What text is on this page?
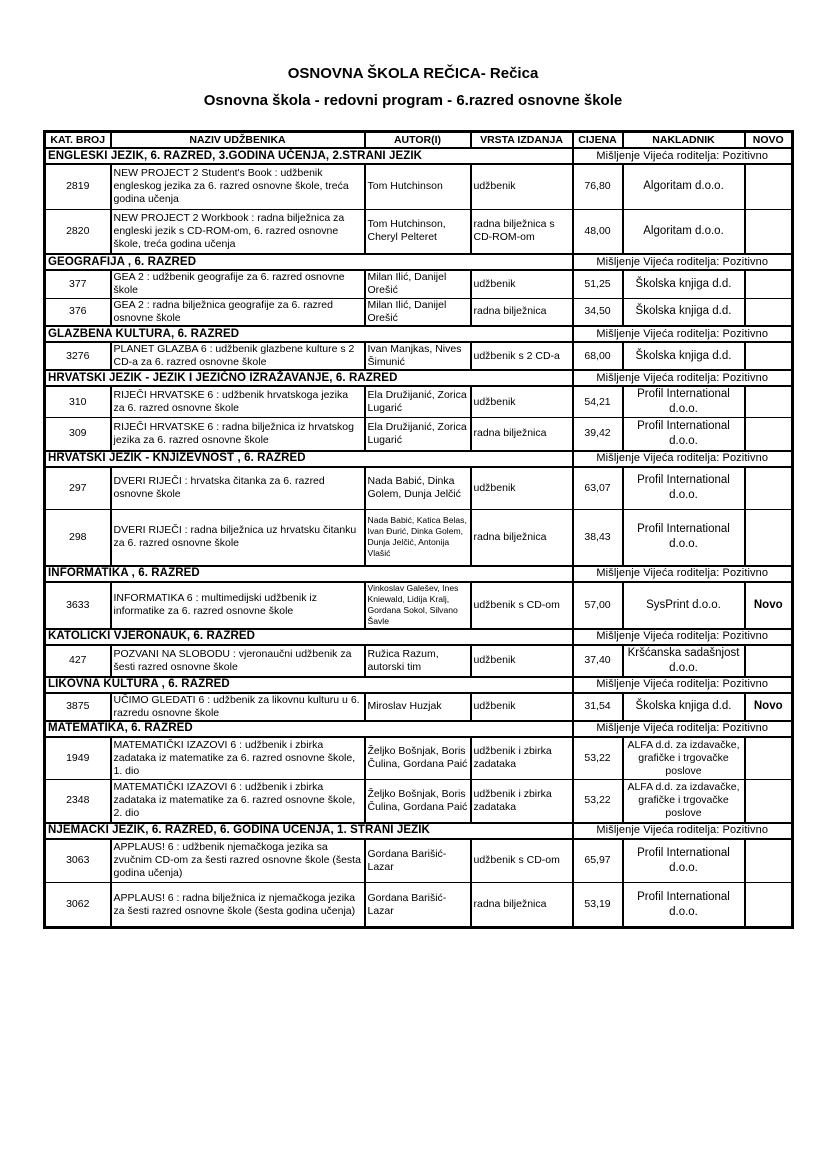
OSNOVNA ŠKOLA REČICA- Rečica
Osnovna škola - redovni program - 6.razred osnovne škole
KAT. BROJ	NAZIV UDŽBENIKA	AUTOR(I)	VRSTA IZDANJA	CIJENA	NAKLADNIK	NOVO
ENGLESKI JEZIK, 6. RAZRED, 3.GODINA UČENJA, 2.STRANI JEZIK				Mišljenje Vijeća roditelja: Pozitivno		
2819	NEW PROJECT 2 Student's Book : udžbenik engleskog jezika za 6. razred osnovne škole, treća godina učenja	Tom Hutchinson	udžbenik	76,80	Algoritam d.o.o.	
2820	NEW PROJECT 2 Workbook : radna bilježnica za engleski jezik s CD-ROM-om, 6. razred osnovne škole, treća godina učenja	Tom Hutchinson, Cheryl Pelteret	radna bilježnica s CD-ROM-om	48,00	Algoritam d.o.o.	
GEOGRAFIJA , 6. RAZRED				Mišljenje Vijeća roditelja: Pozitivno		
377	GEA 2 : udžbenik geografije za 6. razred osnovne škole	Milan Ilić, Danijel Orešić	udžbenik	51,25	Školska knjiga d.d.	
376	GEA 2 : radna bilježnica geografije za 6. razred osnovne škole	Milan Ilić, Danijel Orešić	radna bilježnica	34,50	Školska knjiga d.d.	
GLAZBENA KULTURA, 6. RAZRED				Mišljenje Vijeća roditelja: Pozitivno		
3276	PLANET GLAZBA 6 : udžbenik glazbene kulture s 2 CD-a za 6. razred osnovne škole	Ivan Manjkas, Nives Šimunić	udžbenik s 2 CD-a	68,00	Školska knjiga d.d.	
HRVATSKI JEZIK - JEZIK I JEZIČNO IZRAŽAVANJE, 6. RAZRED				Mišljenje Vijeća roditelja: Pozitivno		
310	RIJEČI HRVATSKE 6 : udžbenik hrvatskoga jezika za 6. razred osnovne škole	Ela Družijanić, Zorica Lugarić	udžbenik	54,21	Profil International d.o.o.	
309	RIJEČI HRVATSKE 6 : radna bilježnica iz hrvatskog jezika za 6. razred osnovne škole	Ela Družijanić, Zorica Lugarić	radna bilježnica	39,42	Profil International d.o.o.	
HRVATSKI JEZIK - KNJIŽEVNOST , 6. RAZRED				Mišljenje Vijeća roditelja: Pozitivno		
297	DVERI RIJEČI : hrvatska čitanka za 6. razred osnovne škole	Nada Babić, Dinka Golem, Dunja Jelčić	udžbenik	63,07	Profil International d.o.o.	
298	DVERI RIJEČI : radna bilježnica uz hrvatsku čitanku za 6. razred osnovne škole	Nada Babić, Katica Belas, Ivan Đurić, Dinka Golem, Dunja Jelčić, Antonija Vlašić	radna bilježnica	38,43	Profil International d.o.o.	
INFORMATIKA , 6. RAZRED				Mišljenje Vijeća roditelja: Pozitivno		
3633	INFORMATIKA 6 : multimedijski udžbenik iz informatike za 6. razred osnovne škole	Vinkoslav Galešev, Ines Kniewald, Lidija Kralj, Gordana Sokol, Silvano Šavle	udžbenik s CD-om	57,00	SysPrint d.o.o.	Novo
KATOLIČKI VJERONAUK, 6. RAZRED				Mišljenje Vijeća roditelja: Pozitivno		
427	POZVANI NA SLOBODU : vjeronaučni udžbenik za šesti razred osnovne škole	Ružica Razum, autorski tim	udžbenik	37,40	Kršćanska sadašnjost d.o.o.	
LIKOVNA KULTURA , 6. RAZRED				Mišljenje Vijeća roditelja: Pozitivno		
3875	UČIMO GLEDATI 6 : udžbenik za likovnu kulturu u 6. razredu osnovne škole	Miroslav Huzjak	udžbenik	31,54	Školska knjiga d.d.	Novo
MATEMATIKA, 6. RAZRED				Mišljenje Vijeća roditelja: Pozitivno		
1949	MATEMATIČKI IZAZOVI 6 : udžbenik i zbirka zadataka iz matematike za 6. razred osnovne škole, 1. dio	Željko Bošnjak, Boris Čulina, Gordana Paić	udžbenik i zbirka zadataka	53,22	ALFA d.d. za izdavačke, grafičke i trgovačke poslove	
2348	MATEMATIČKI IZAZOVI 6 : udžbenik i zbirka zadataka iz matematike za 6. razred osnovne škole, 2. dio	Željko Bošnjak, Boris Čulina, Gordana Paić	udžbenik i zbirka zadataka	53,22	ALFA d.d. za izdavačke, grafičke i trgovačke poslove	
NJEMAČKI JEZIK, 6. RAZRED, 6. GODINA UČENJA, 1. STRANI JEZIK				Mišljenje Vijeća roditelja: Pozitivno		
3063	APPLAUS! 6 : udžbenik njemačkoga jezika sa zvučnim CD-om za šesti razred osnovne škole (šesta godina učenja)	Gordana Barišić-Lazar	udžbenik s CD-om	65,97	Profil International d.o.o.	
3062	APPLAUS! 6 : radna bilježnica iz njemačkoga jezika za šesti razred osnovne škole (šesta godina učenja)	Gordana Barišić-Lazar	radna bilježnica	53,19	Profil International d.o.o.	
